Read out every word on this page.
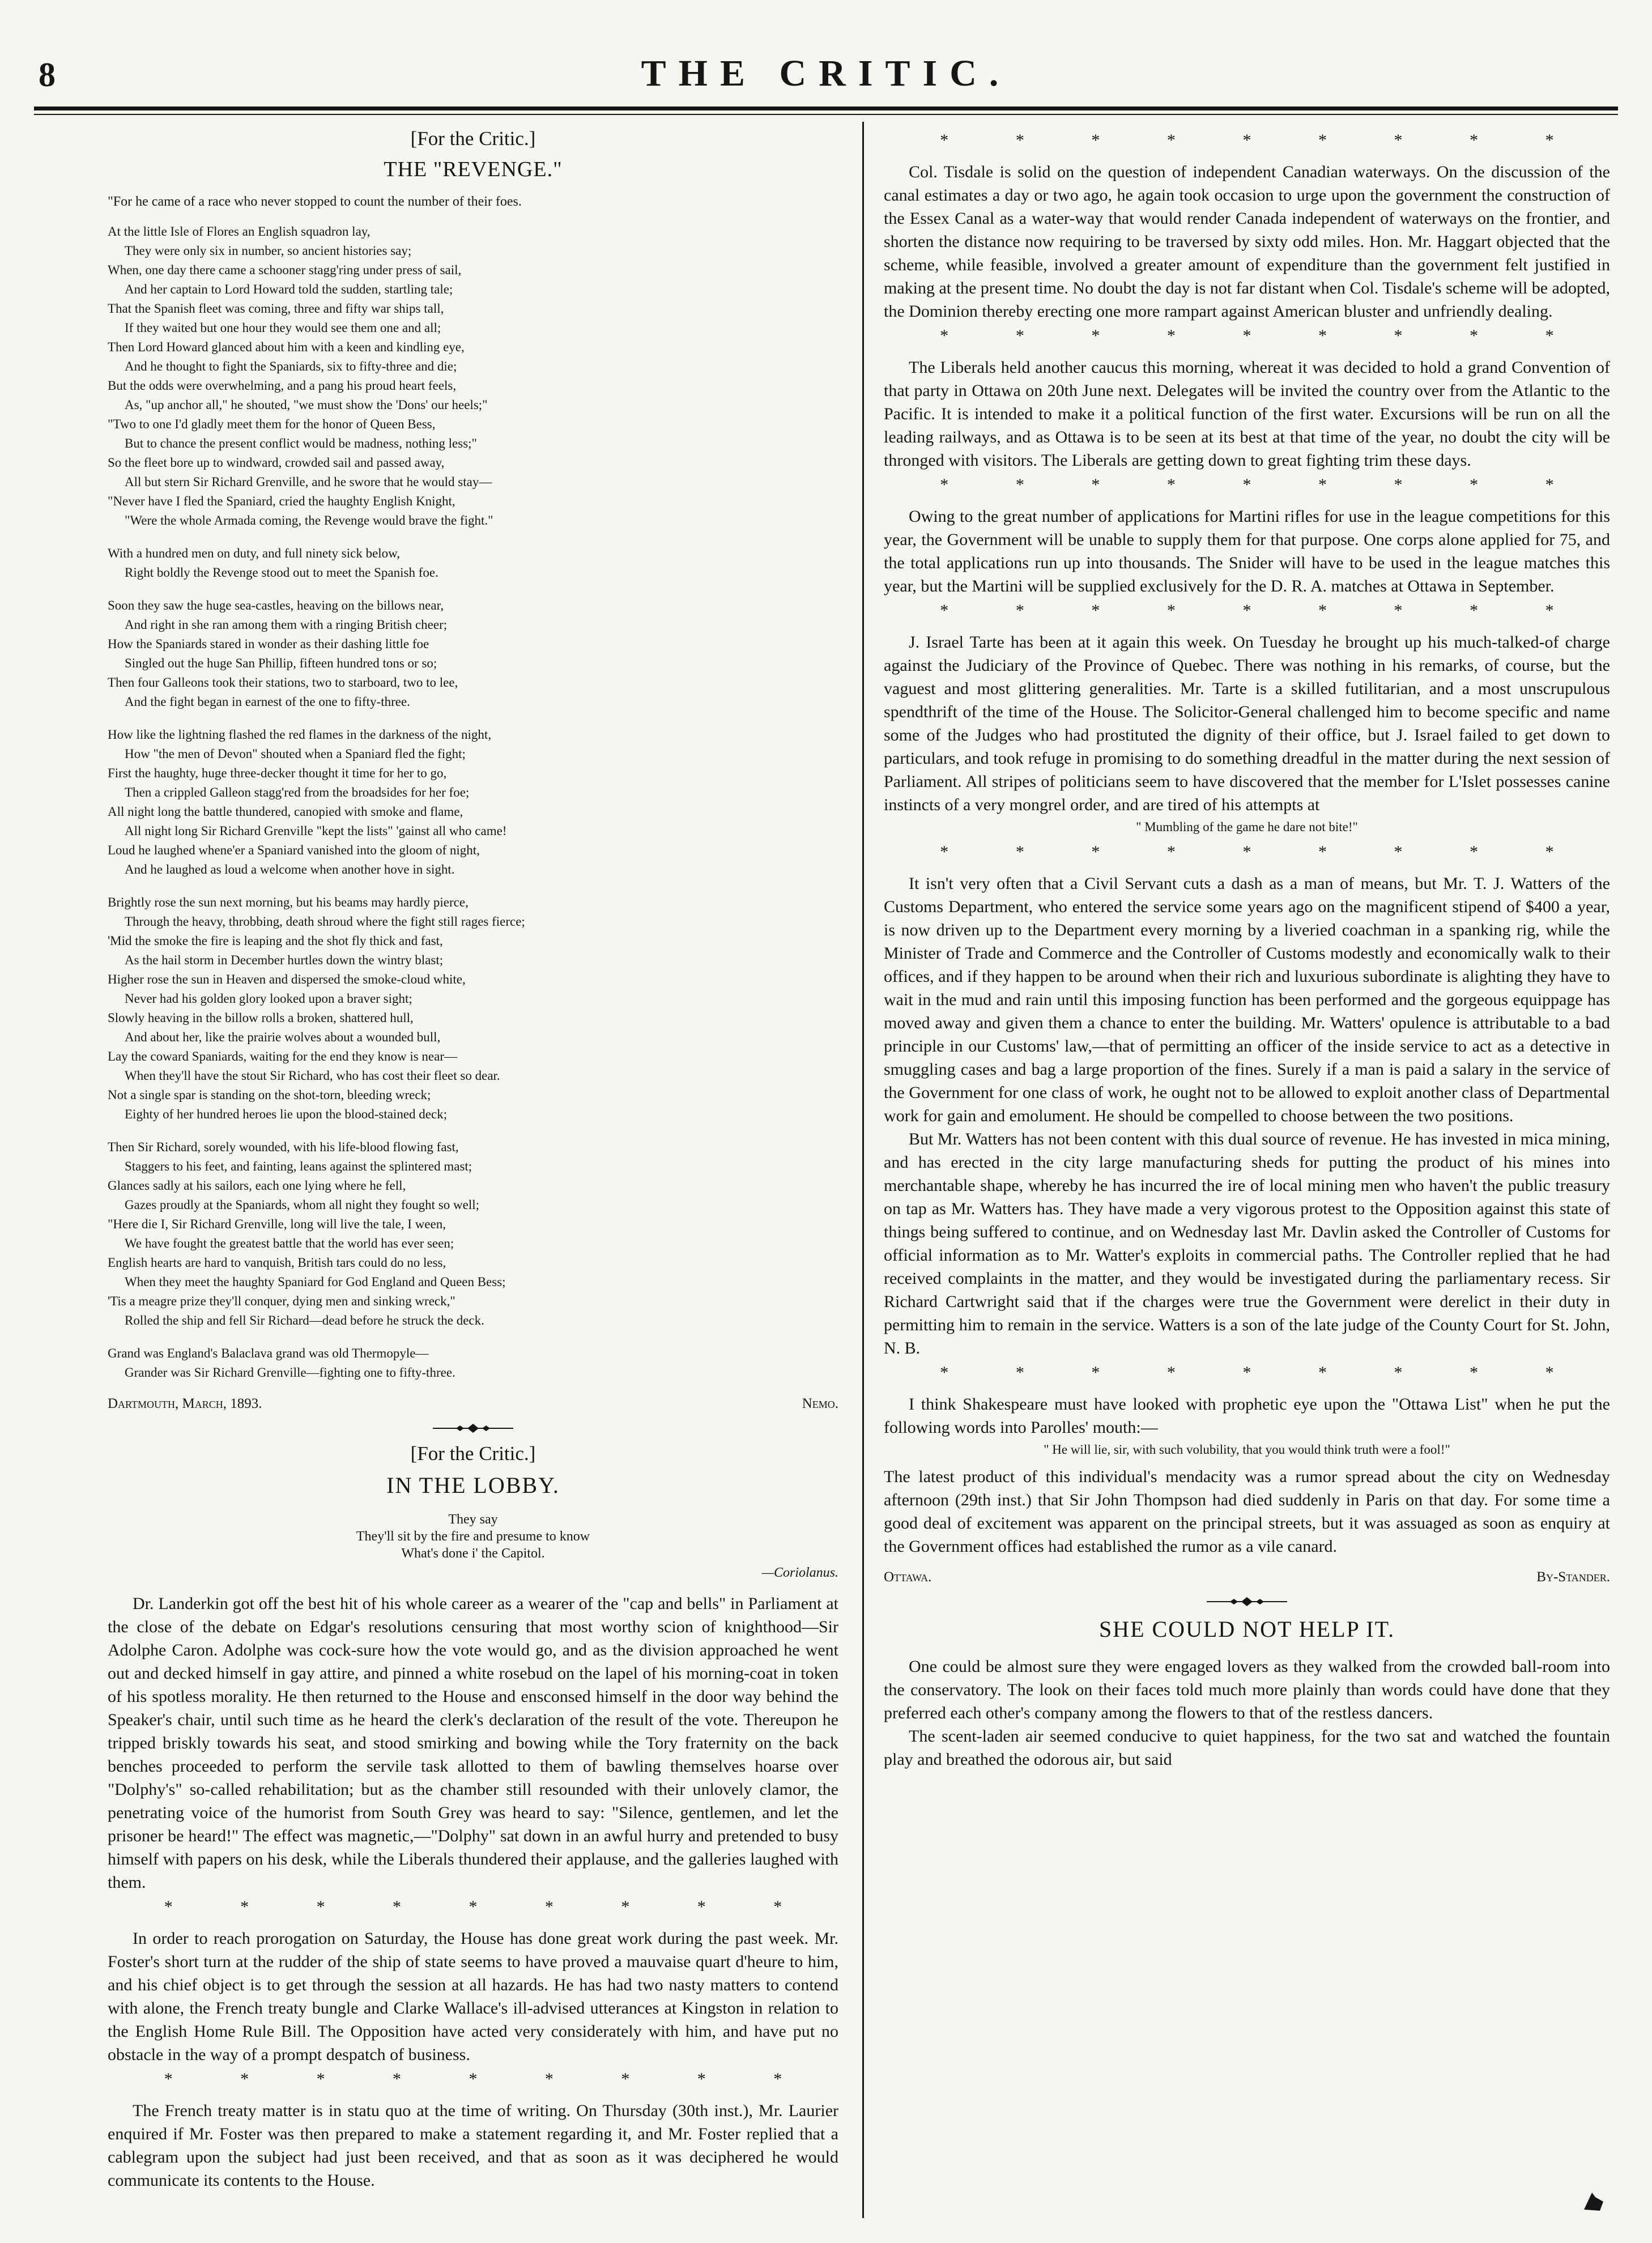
8	THE CRITIC.
[For the Critic.]
THE "REVENGE."
"For he came of a race who never stopped to count the number of their foes.
At the little Isle of Flores an English squadron lay,
They were only six in number, so ancient histories say;
When, one day there came a schooner stagg'ring under press of sail,
And her captain to Lord Howard told the sudden, startling tale;
That the Spanish fleet was coming, three and fifty war ships tall,
If they waited but one hour they would see them one and all;
Then Lord Howard glanced about him with a keen and kindling eye,
And he thought to fight the Spaniards, six to fifty-three and die;
But the odds were overwhelming, and a pang his proud heart feels,
As, "up anchor all," he shouted, "we must show the 'Dons' our heels;"
"Two to one I'd gladly meet them for the honor of Queen Bess,
But to chance the present conflict would be madness, nothing less;"
So the fleet bore up to windward, crowded sail and passed away,
All but stern Sir Richard Grenville, and he swore that he would stay—
"Never have I fled the Spaniard, cried the haughty English Knight,
"Were the whole Armada coming, the Revenge would brave the fight."
With a hundred men on duty, and full ninety sick below,
Right boldly the Revenge stood out to meet the Spanish foe.
Soon they saw the huge sea-castles, heaving on the billows near,
And right in she ran among them with a ringing British cheer;
How the Spaniards stared in wonder as their dashing little foe
Singled out the huge San Phillip, fifteen hundred tons or so;
Then four Galleons took their stations, two to starboard, two to lee,
And the fight began in earnest of the one to fifty-three.
How like the lightning flashed the red flames in the darkness of the night,
How "the men of Devon" shouted when a Spaniard fled the fight;
First the haughty, huge three-decker thought it time for her to go,
Then a crippled Galleon stagg'red from the broadsides for her foe;
All night long the battle thundered, canopied with smoke and flame,
All night long Sir Richard Grenville "kept the lists" 'gainst all who came!
Loud he laughed whene'er a Spaniard vanished into the gloom of night,
And he laughed as loud a welcome when another hove in sight.
Brightly rose the sun next morning, but his beams may hardly pierce,
Through the heavy, throbbing, death shroud where the fight still rages fierce;
'Mid the smoke the fire is leaping and the shot fly thick and fast,
As the hail storm in December hurtles down the wintry blast;
Higher rose the sun in Heaven and dispersed the smoke-cloud white,
Never had his golden glory looked upon a braver sight;
Slowly heaving in the billow rolls a broken, shattered hull,
And about her, like the prairie wolves about a wounded bull,
Lay the coward Spaniards, waiting for the end they know is near—
When they'll have the stout Sir Richard, who has cost their fleet so dear.
Not a single spar is standing on the shot-torn, bleeding wreck;
Eighty of her hundred heroes lie upon the blood-stained deck;
Then Sir Richard, sorely wounded, with his life-blood flowing fast,
Staggers to his feet, and fainting, leans against the splintered mast;
Glances sadly at his sailors, each one lying where he fell,
Gazes proudly at the Spaniards, whom all night they fought so well;
"Here die I, Sir Richard Grenville, long will live the tale, I ween,
We have fought the greatest battle that the world has ever seen;
English hearts are hard to vanquish, British tars could do no less,
When they meet the haughty Spaniard for God England and Queen Bess;
'Tis a meagre prize they'll conquer, dying men and sinking wreck,"
Rolled the ship and fell Sir Richard—dead before he struck the deck.
Grand was England's Balaclava grand was old Thermopyle—
Grander was Sir Richard Grenville—fighting one to fifty-three.
Dartmouth, March, 1893.	Nemo.
[For the Critic.]
IN THE LOBBY.
They say
They'll sit by the fire and presume to know
What's done i' the Capitol.
—Coriolanus.

Dr. Landerkin got off the best hit of his whole career as a wearer of the "cap and bells" in Parliament at the close of the debate on Edgar's resolutions censuring that most worthy scion of knighthood—Sir Adolphe Caron. Adolphe was cock-sure how the vote would go, and as the division approached he went out and decked himself in gay attire, and pinned a white rosebud on the lapel of his morning-coat in token of his spotless morality. He then returned to the House and ensconsed himself in the door way behind the Speaker's chair, until such time as he heard the clerk's declaration of the result of the vote. Thereupon he tripped briskly towards his seat, and stood smirking and bowing while the Tory fraternity on the back benches proceeded to perform the servile task allotted to them of bawling themselves hoarse over "Dolphy's" so-called rehabilitation; but as the chamber still resounded with their unlovely clamor, the penetrating voice of the humorist from South Grey was heard to say: "Silence, gentlemen, and let the prisoner be heard!" The effect was magnetic,—"Dolphy" sat down in an awful hurry and pretended to busy himself with papers on his desk, while the Liberals thundered their applause, and the galleries laughed with them.

*	*	*	*	*	*	*	*	*

In order to reach prorogation on Saturday, the House has done great work during the past week. Mr. Foster's short turn at the rudder of the ship of state seems to have proved a mauvaise quart d'heure to him, and his chief object is to get through the session at all hazards. He has had two nasty matters to contend with alone, the French treaty bungle and Clarke Wallace's ill-advised utterances at Kingston in relation to the English Home Rule Bill. The Opposition have acted very considerately with him, and have put no obstacle in the way of a prompt despatch of business.

*	*	*	*	*	*	*	*	*

The French treaty matter is in statu quo at the time of writing. On Thursday (30th inst.), Mr. Laurier enquired if Mr. Foster was then prepared to make a statement regarding it, and Mr. Foster replied that a cablegram upon the subject had just been received, and that as soon as it was deciphered he would communicate its contents to the House.

*	*	*	*	*	*	*	*	*

Col. Tisdale is solid on the question of independent Canadian waterways. On the discussion of the canal estimates a day or two ago, he again took occasion to urge upon the government the construction of the Essex Canal as a water-way that would render Canada independent of waterways on the frontier, and shorten the distance now requiring to be traversed by sixty odd miles. Hon. Mr. Haggart objected that the scheme, while feasible, involved a greater amount of expenditure than the government felt justified in making at the present time. No doubt the day is not far distant when Col. Tisdale's scheme will be adopted, the Dominion thereby erecting one more rampart against American bluster and unfriendly dealing.

*	*	*	*	*	*	*	*	*

The Liberals held another caucus this morning, whereat it was decided to hold a grand Convention of that party in Ottawa on 20th June next. Delegates will be invited the country over from the Atlantic to the Pacific. It is intended to make it a political function of the first water. Excursions will be run on all the leading railways, and as Ottawa is to be seen at its best at that time of the year, no doubt the city will be thronged with visitors. The Liberals are getting down to great fighting trim these days.

*	*	*	*	*	*	*	*	*

Owing to the great number of applications for Martini rifles for use in the league competitions for this year, the Government will be unable to supply them for that purpose. One corps alone applied for 75, and the total applications run up into thousands. The Snider will have to be used in the league matches this year, but the Martini will be supplied exclusively for the D. R. A. matches at Ottawa in September.

*	*	*	*	*	*	*	*	*

J. Israel Tarte has been at it again this week. On Tuesday he brought up his much-talked-of charge against the Judiciary of the Province of Quebec. There was nothing in his remarks, of course, but the vaguest and most glittering generalities. Mr. Tarte is a skilled futilitarian, and a most unscrupulous spendthrift of the time of the House. The Solicitor-General challenged him to become specific and name some of the Judges who had prostituted the dignity of their office, but J. Israel failed to get down to particulars, and took refuge in promising to do something dreadful in the matter during the next session of Parliament. All stripes of politicians seem to have discovered that the member for L'Islet possesses canine instincts of a very mongrel order, and are tired of his attempts at

" Mumbling of the game he dare not bite!"
*	*	*	*	*	*	*	*	*

It isn't very often that a Civil Servant cuts a dash as a man of means, but Mr. T. J. Watters of the Customs Department, who entered the service some years ago on the magnificent stipend of $400 a year, is now driven up to the Department every morning by a liveried coachman in a spanking rig, while the Minister of Trade and Commerce and the Controller of Customs modestly and economically walk to their offices, and if they happen to be around when their rich and luxurious subordinate is alighting they have to wait in the mud and rain until this imposing function has been performed and the gorgeous equippage has moved away and given them a chance to enter the building. Mr. Watters' opulence is attributable to a bad principle in our Customs' law,—that of permitting an officer of the inside service to act as a detective in smuggling cases and bag a large proportion of the fines. Surely if a man is paid a salary in the service of the Government for one class of work, he ought not to be allowed to exploit another class of Departmental work for gain and emolument. He should be compelled to choose between the two positions.

But Mr. Watters has not been content with this dual source of revenue. He has invested in mica mining, and has erected in the city large manufacturing sheds for putting the product of his mines into merchantable shape, whereby he has incurred the ire of local mining men who haven't the public treasury on tap as Mr. Watters has. They have made a very vigorous protest to the Opposition against this state of things being suffered to continue, and on Wednesday last Mr. Davlin asked the Controller of Customs for official information as to Mr. Watter's exploits in commercial paths. The Controller replied that he had received complaints in the matter, and they would be investigated during the parliamentary recess. Sir Richard Cartwright said that if the charges were true the Government were derelict in their duty in permitting him to remain in the service. Watters is a son of the late judge of the County Court for St. John, N. B.

*	*	*	*	*	*	*	*	*

I think Shakespeare must have looked with prophetic eye upon the "Ottawa List" when he put the following words into Parolles' mouth:—

" He will lie, sir, with such volubility, that you would think truth were a fool!"

The latest product of this individual's mendacity was a rumor spread about the city on Wednesday afternoon (29th inst.) that Sir John Thompson had died suddenly in Paris on that day. For some time a good deal of excitement was apparent on the principal streets, but it was assuaged as soon as enquiry at the Government offices had established the rumor as a vile canard.

Ottawa.	By-Stander.
SHE COULD NOT HELP IT.

One could be almost sure they were engaged lovers as they walked from the crowded ball-room into the conservatory. The look on their faces told much more plainly than words could have done that they preferred each other's company among the flowers to that of the restless dancers.

The scent-laden air seemed conducive to quiet happiness, for the two sat and watched the fountain play and breathed the odorous air, but said
